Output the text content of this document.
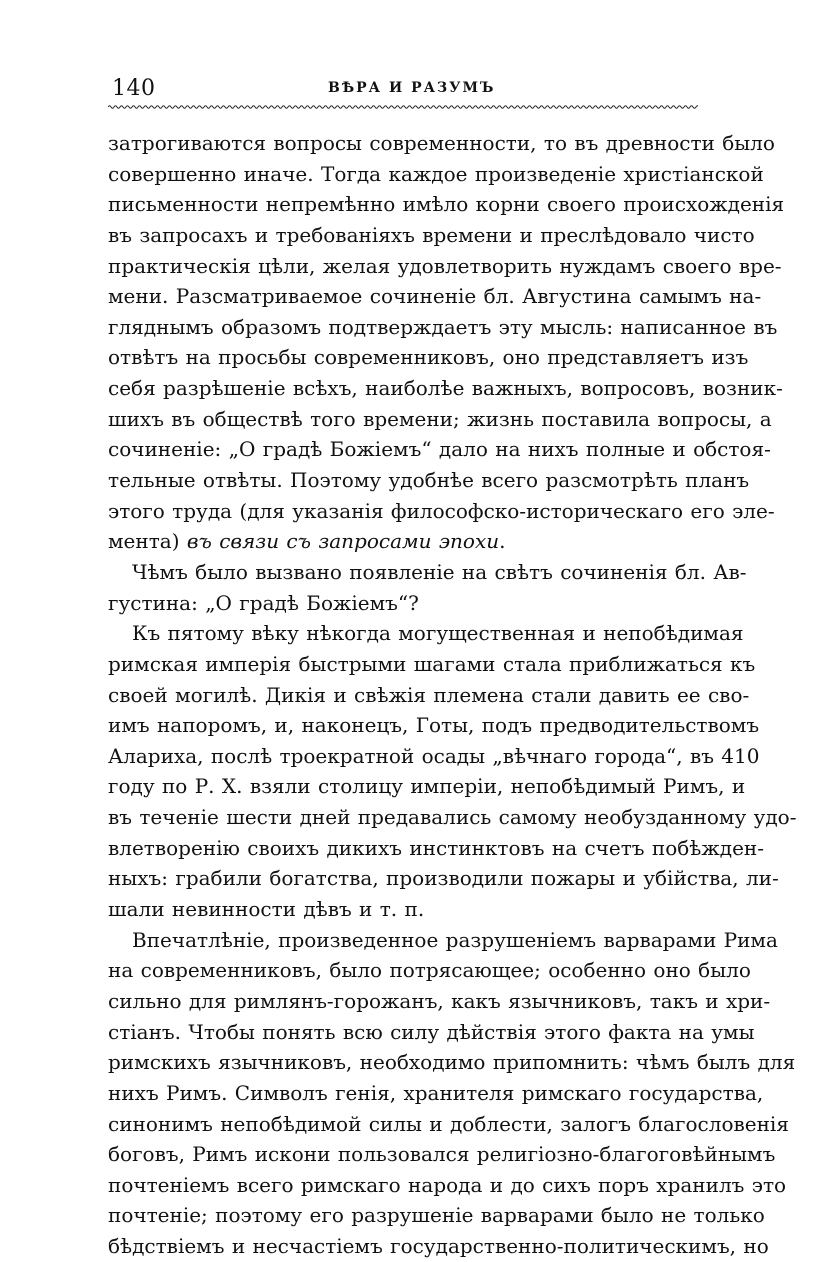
140	ВѢРА И РАЗУМЪ
затрогиваются вопросы современности, то въ древности было
совершенно иначе. Тогда каждое произведеніе христіанской
письменности непремѣнно имѣло корни своего происхожденія
въ запросахъ и требованіяхъ времени и преслѣдовало чисто
практическія цѣли, желая удовлетворить нуждамъ своего вре-
мени. Разсматриваемое сочиненіе бл. Августина самымъ на-
гляднымъ образомъ подтверждаетъ эту мысль: написанное въ
отвѣтъ на просьбы современниковъ, оно представляетъ изъ
себя разрѣшеніе всѣхъ, наиболѣе важныхъ, вопросовъ, возник-
шихъ въ обществѣ того времени; жизнь поставила вопросы, а
сочиненіе: „О градѣ Божіемъ“ дало на нихъ полные и обстоя-
тельные отвѣты. Поэтому удобнѣе всего разсмотрѣть планъ
этого труда (для указанія философско-историческаго его эле-
мента) въ связи съ запросами эпохи.
Чѣмъ было вызвано появленіе на свѣтъ сочиненія бл. Ав-
густина: „О градѣ Божіемъ“?
Къ пятому вѣку нѣкогда могущественная и непобѣдимая
римская имперія быстрыми шагами стала приближаться къ
своей могилѣ. Дикія и свѣжія племена стали давить ее сво-
имъ напоромъ, и, наконецъ, Готы, подъ предводительствомъ
Алариха, послѣ троекратной осады „вѣчнаго города“, въ 410
году по Р. Х. взяли столицу имперіи, непобѣдимый Римъ, и
въ теченіе шести дней предавались самому необузданному удо-
влетворенію своихъ дикихъ инстинктовъ на счетъ побѣжден-
ныхъ: грабили богатства, производили пожары и убійства, ли-
шали невинности дѣвъ и т. п.
Впечатлѣніе, произведенное разрушеніемъ варварами Рима
на современниковъ, было потрясающее; особенно оно было
сильно для римлянъ-горожанъ, какъ язычниковъ, такъ и хри-
стіанъ. Чтобы понять всю силу дѣйствія этого факта на умы
римскихъ язычниковъ, необходимо припомнить: чѣмъ былъ для
нихъ Римъ. Символъ генія, хранителя римскаго государства,
синонимъ непобѣдимой силы и доблести, залогъ благословенія
боговъ, Римъ искони пользовался религіозно-благоговѣйнымъ
почтеніемъ всего римскаго народа и до сихъ поръ хранилъ это
почтеніе; поэтому его разрушеніе варварами было не только
бѣдствіемъ и несчастіемъ государственно-политическимъ, но
